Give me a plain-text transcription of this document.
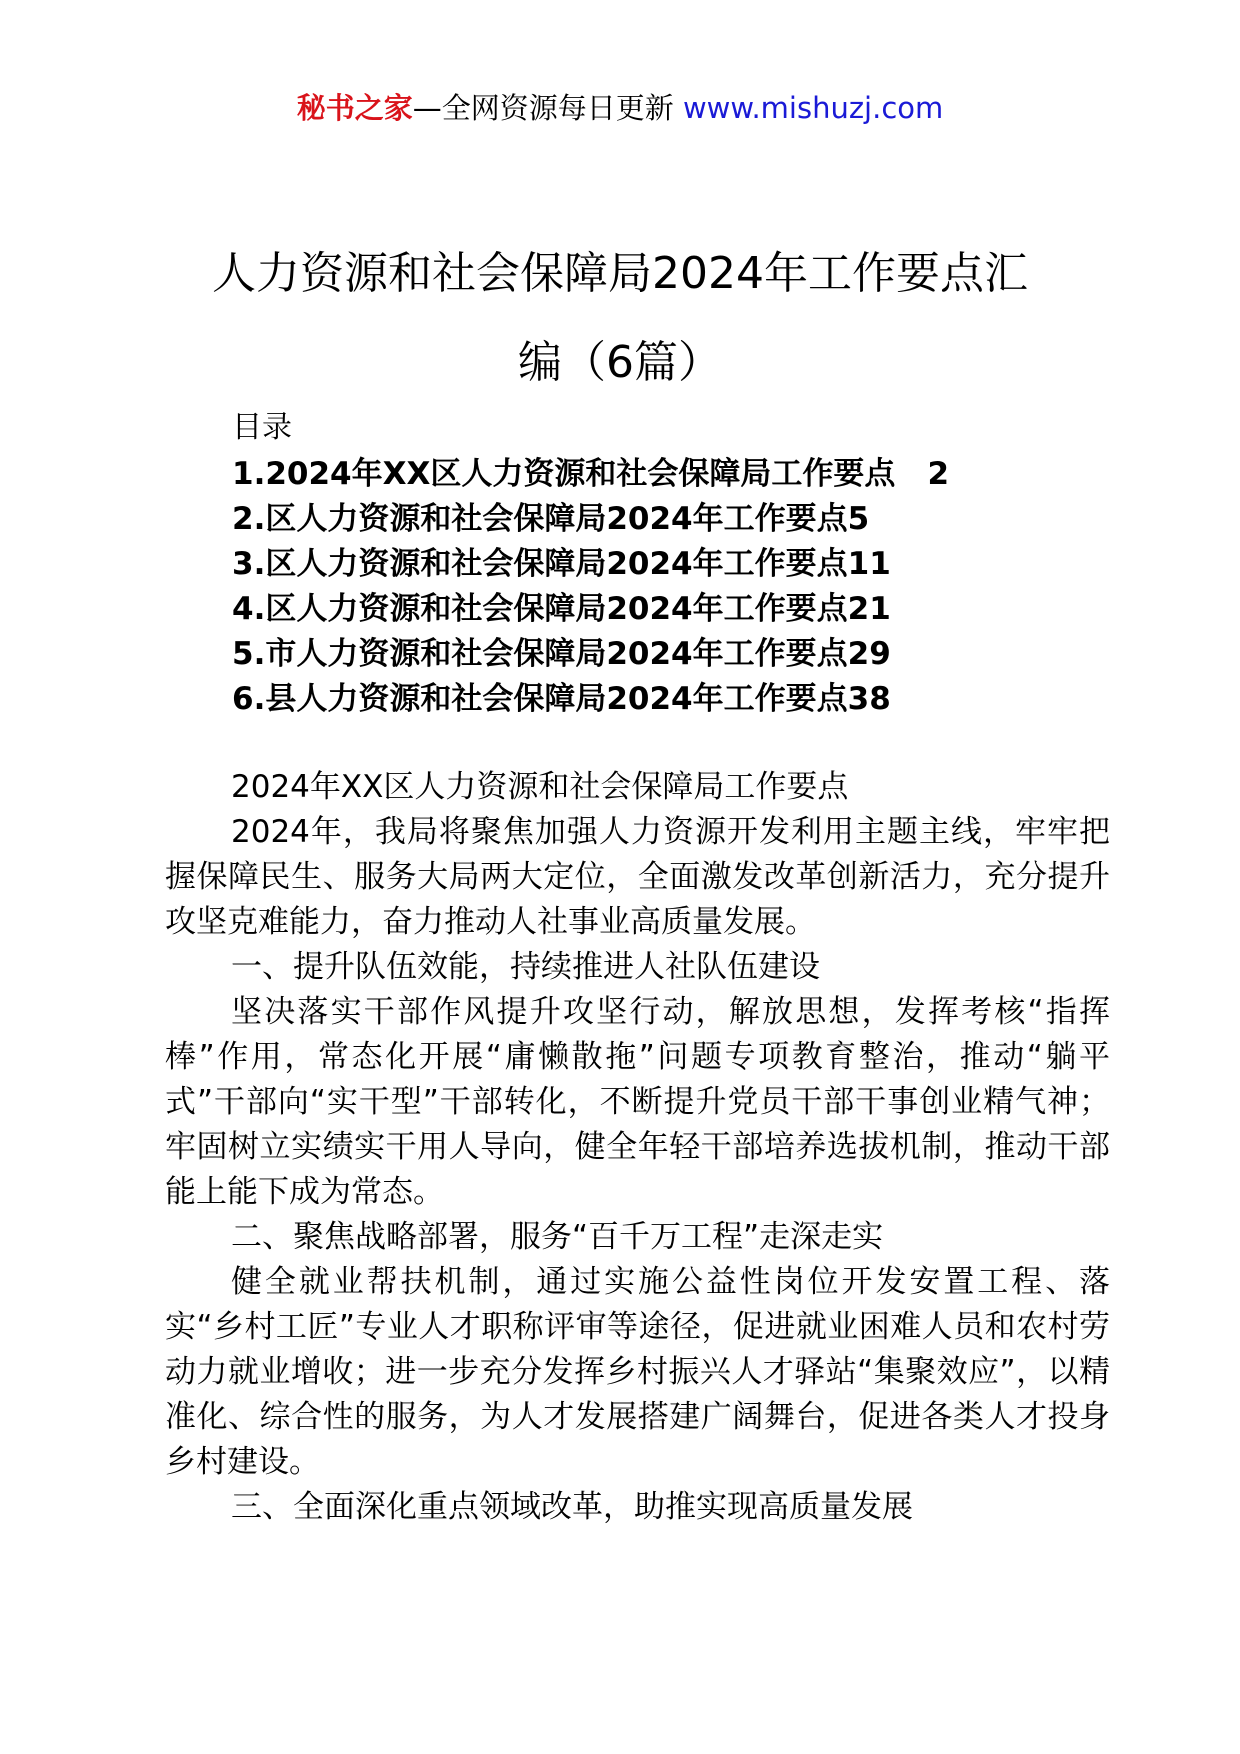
秘书之家—全网资源每日更新 www.mishuzj.com
人力资源和社会保障局2024年工作要点汇
编（6篇）
目录
1.2024年XX区人力资源和社会保障局工作要点 2
2.区人力资源和社会保障局2024年工作要点5
3.区人力资源和社会保障局2024年工作要点11
4.区人力资源和社会保障局2024年工作要点21
5.市人力资源和社会保障局2024年工作要点29
6.县人力资源和社会保障局2024年工作要点38

2024年XX区人力资源和社会保障局工作要点

2024年，我局将聚焦加强人力资源开发利用主题主线，牢牢把握保障民生、服务大局两大定位，全面激发改革创新活力，充分提升攻坚克难能力，奋力推动人社事业高质量发展。

一、提升队伍效能，持续推进人社队伍建设

坚决落实干部作风提升攻坚行动，解放思想，发挥考核“指挥棒”作用，常态化开展“庸懒散拖”问题专项教育整治，推动“躺平式”干部向“实干型”干部转化，不断提升党员干部干事创业精气神；牢固树立实绩实干用人导向，健全年轻干部培养选拔机制，推动干部能上能下成为常态。

二、聚焦战略部署，服务“百千万工程”走深走实

健全就业帮扶机制，通过实施公益性岗位开发安置工程、落实“乡村工匠”专业人才职称评审等途径，促进就业困难人员和农村劳动力就业增收；进一步充分发挥乡村振兴人才驿站“集聚效应”，以精准化、综合性的服务，为人才发展搭建广阔舞台，促进各类人才投身乡村建设。

三、全面深化重点领域改革，助推实现高质量发展
